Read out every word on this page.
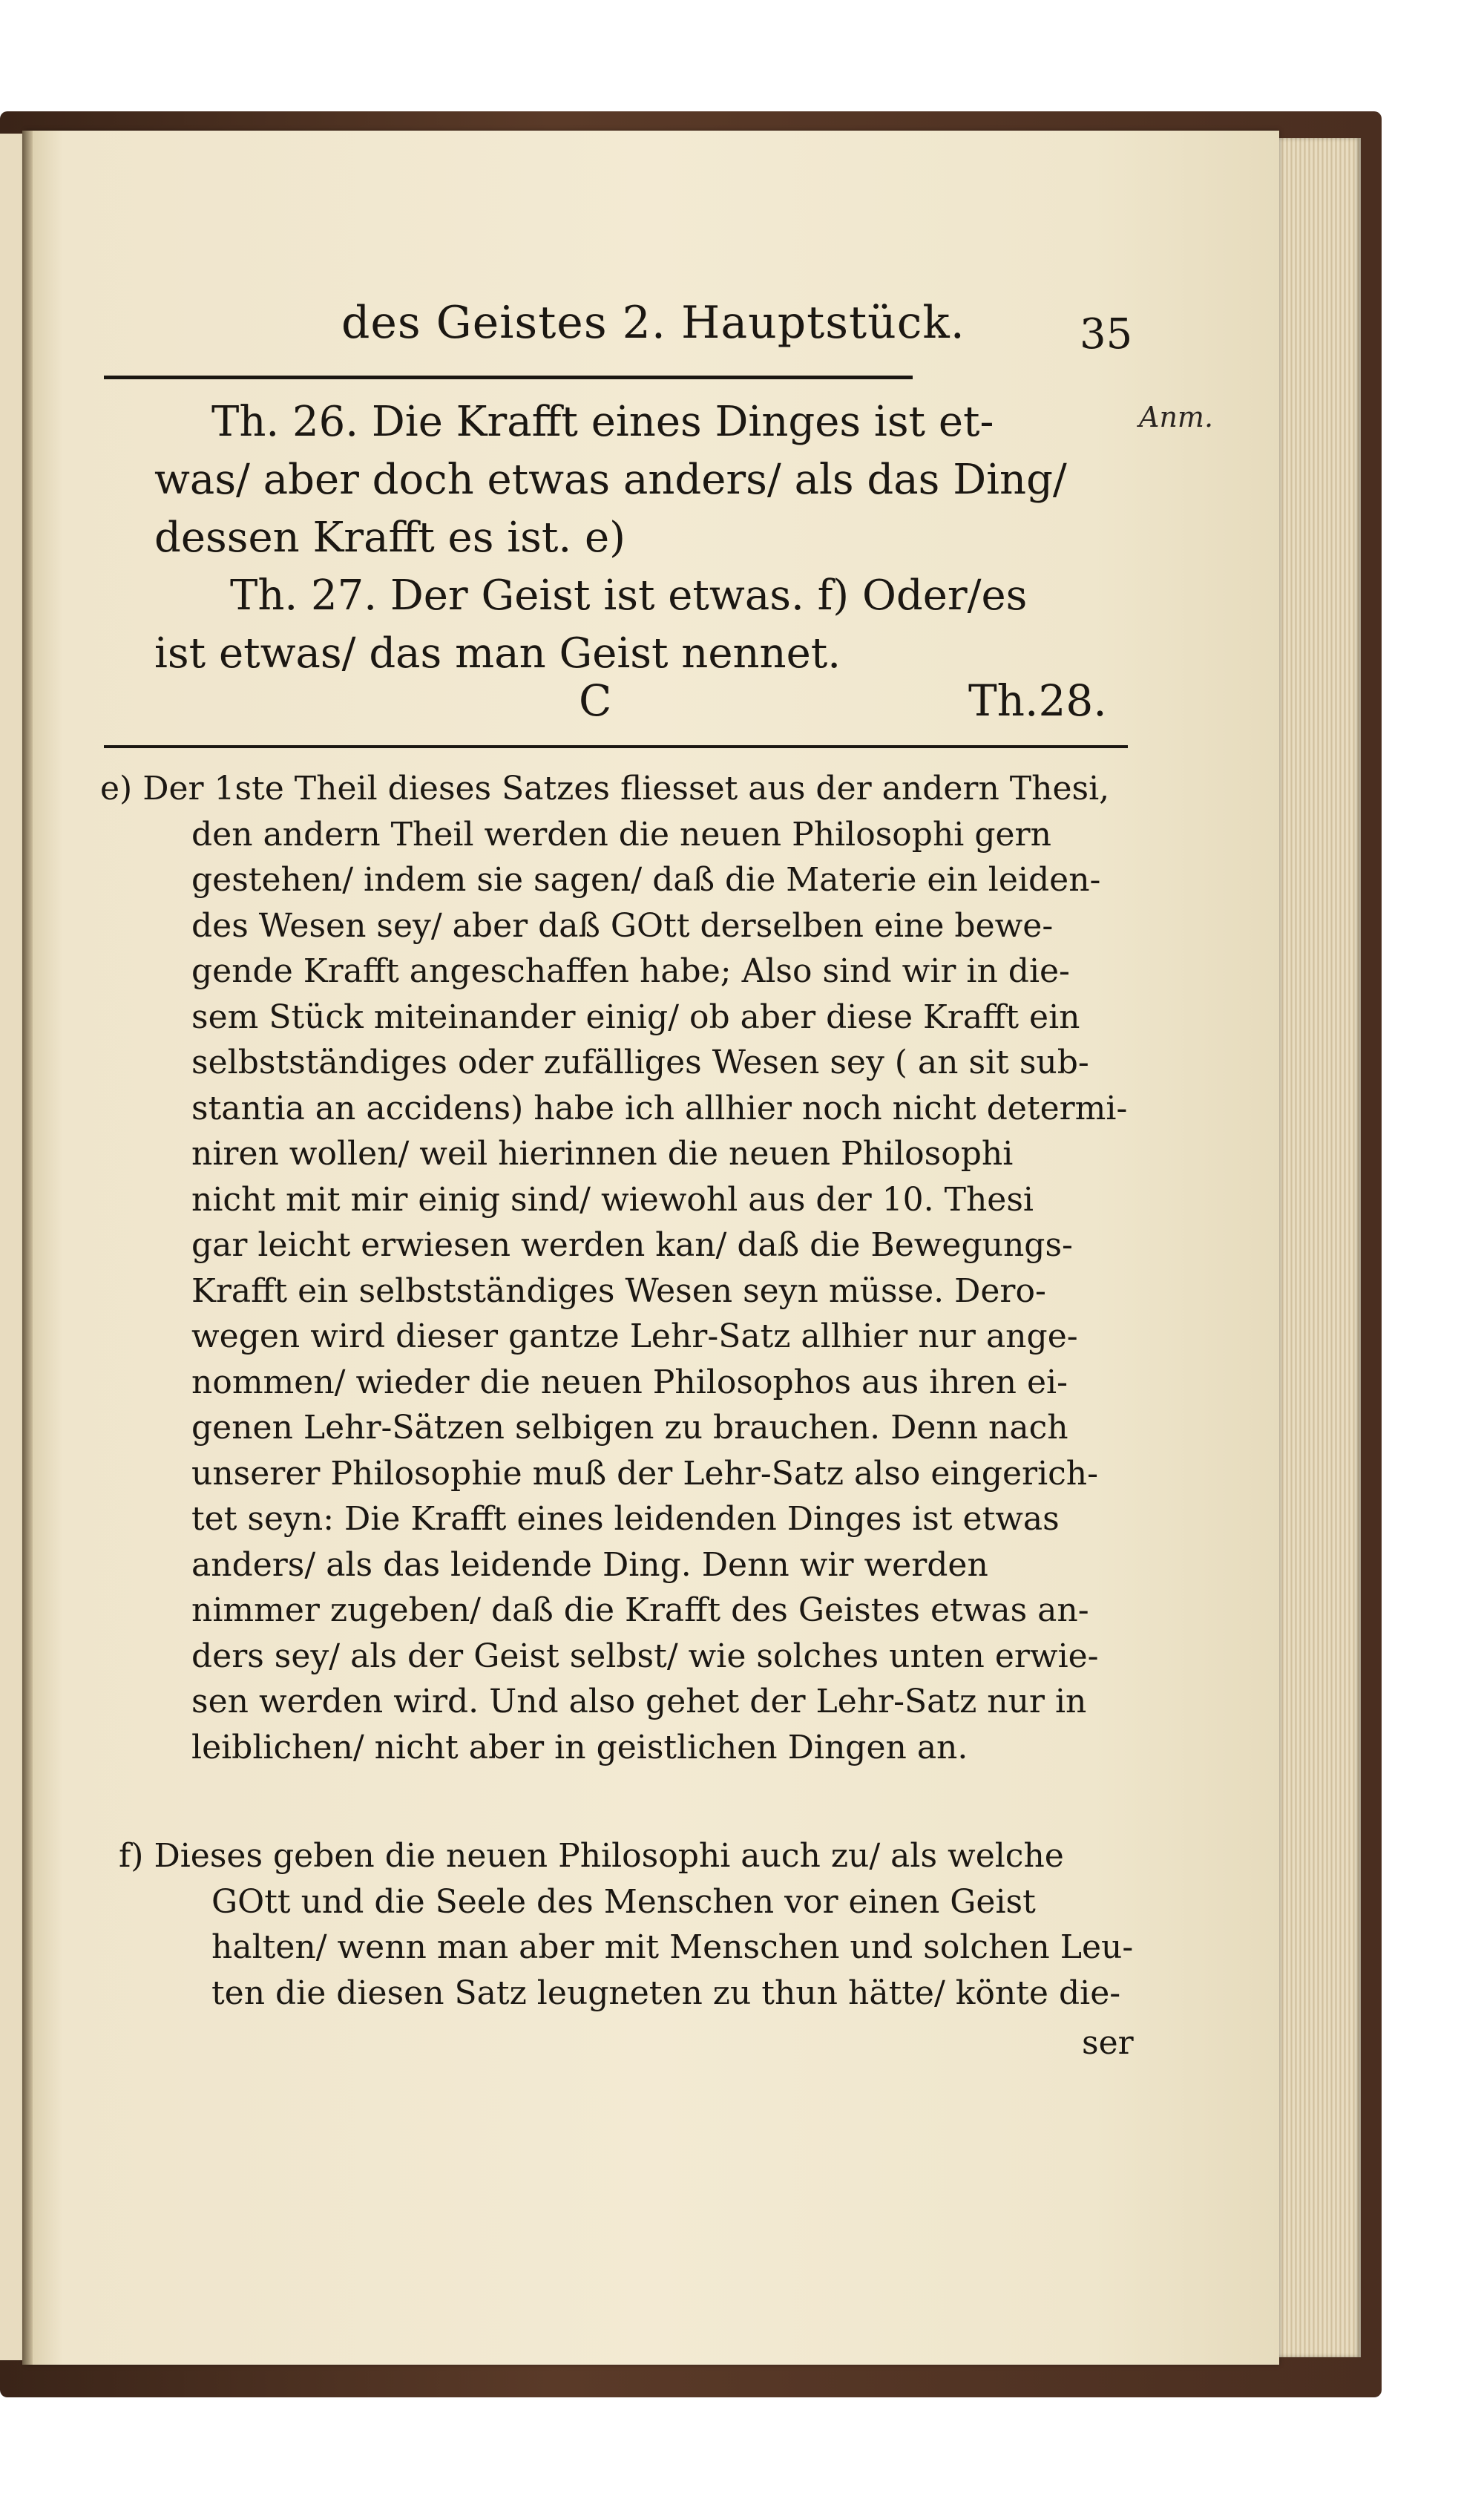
des Geistes 2. Hauptstück.	35
Anm.
Th. 26. Die Krafft eines Dinges ist et-
was/ aber doch etwas anders/ als das Ding/
dessen Krafft es ist. e)
Th. 27. Der Geist ist etwas. f) Oder/es
ist etwas/ das man Geist nennet.
C	Th.28.
e) Der 1ste Theil dieses Satzes fliesset aus der andern Thesi,
den andern Theil werden die neuen Philosophi gern
gestehen/ indem sie sagen/ daß die Materie ein leiden-
des Wesen sey/ aber daß GOtt derselben eine bewe-
gende Krafft angeschaffen habe; Also sind wir in die-
sem Stück miteinander einig/ ob aber diese Krafft ein
selbstständiges oder zufälliges Wesen sey ( an sit sub-
stantia an accidens) habe ich allhier noch nicht determi-
niren wollen/ weil hierinnen die neuen Philosophi
nicht mit mir einig sind/ wiewohl aus der 10. Thesi
gar leicht erwiesen werden kan/ daß die Bewegungs-
Krafft ein selbstständiges Wesen seyn müsse. Dero-
wegen wird dieser gantze Lehr-Satz allhier nur ange-
nommen/ wieder die neuen Philosophos aus ihren ei-
genen Lehr-Sätzen selbigen zu brauchen. Denn nach
unserer Philosophie muß der Lehr-Satz also eingerich-
tet seyn: Die Krafft eines leidenden Dinges ist etwas
anders/ als das leidende Ding. Denn wir werden
nimmer zugeben/ daß die Krafft des Geistes etwas an-
ders sey/ als der Geist selbst/ wie solches unten erwie-
sen werden wird. Und also gehet der Lehr-Satz nur in
leiblichen/ nicht aber in geistlichen Dingen an.
f) Dieses geben die neuen Philosophi auch zu/ als welche
GOtt und die Seele des Menschen vor einen Geist
halten/ wenn man aber mit Menschen und solchen Leu-
ten die diesen Satz leugneten zu thun hätte/ könte die-
ser
